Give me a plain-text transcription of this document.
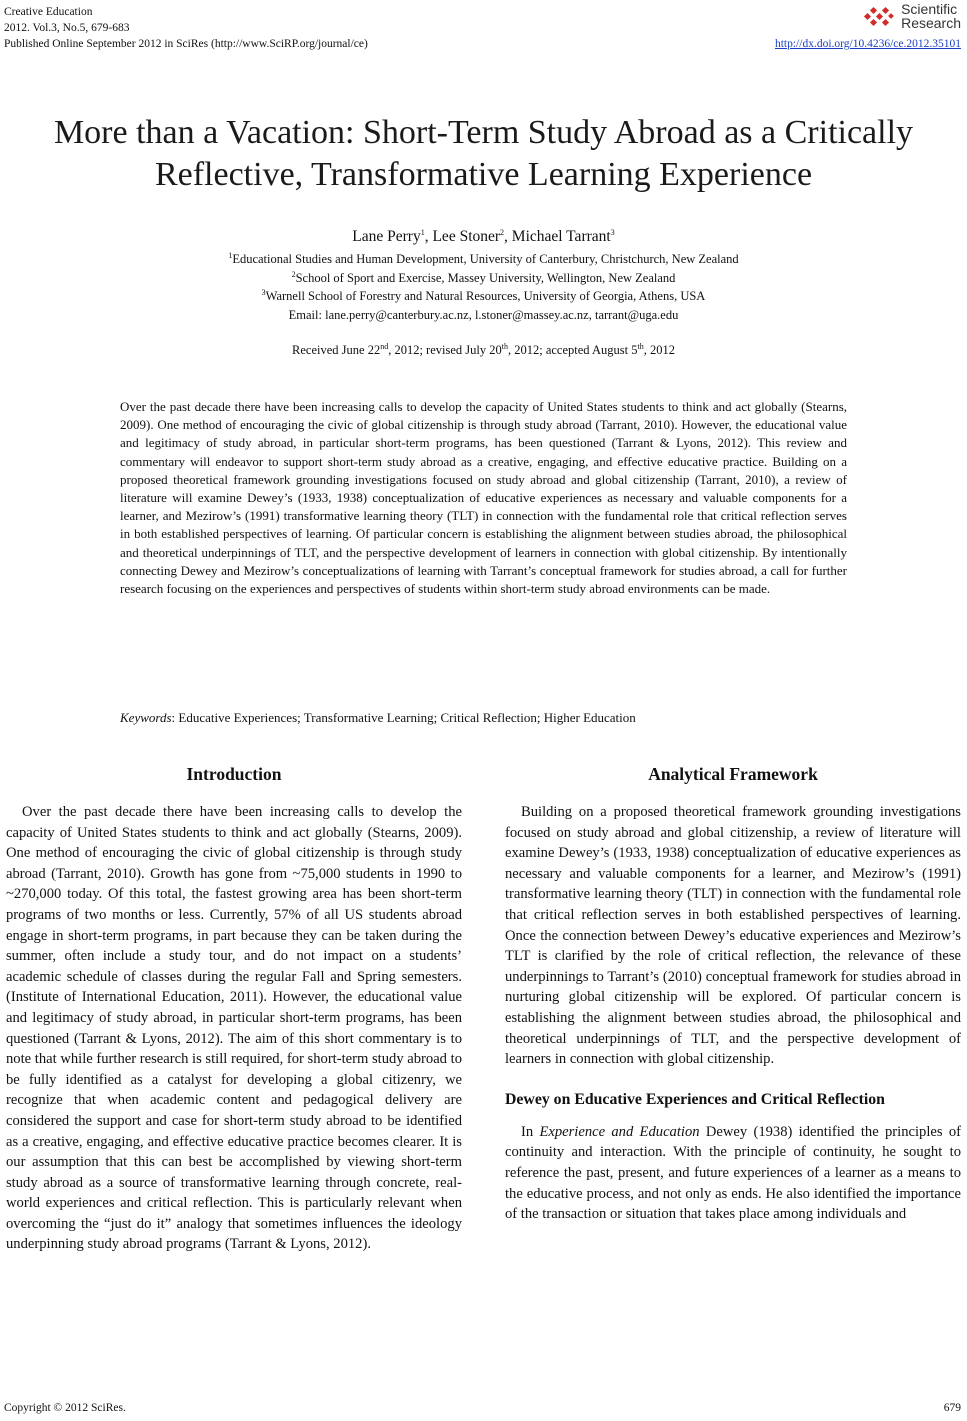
Creative Education
2012. Vol.3, No.5, 679-683
Published Online September 2012 in SciRes (http://www.SciRP.org/journal/ce)
Scientific
Research
http://dx.doi.org/10.4236/ce.2012.35101
More than a Vacation: Short-Term Study Abroad as a Critically Reflective, Transformative Learning Experience
Lane Perry$^1$, Lee Stoner$^2$, Michael Tarrant$^3$
$^1$Educational Studies and Human Development, University of Canterbury, Christchurch, New Zealand
$^2$School of Sport and Exercise, Massey University, Wellington, New Zealand
$^3$Warnell School of Forestry and Natural Resources, University of Georgia, Athens, USA
Email: lane.perry@canterbury.ac.nz, l.stoner@massey.ac.nz, tarrant@uga.edu
Received June 22nd, 2012; revised July 20th, 2012; accepted August 5th, 2012
Over the past decade there have been increasing calls to develop the capacity of United States students to think and act globally (Stearns, 2009). One method of encouraging the civic of global citizenship is through study abroad (Tarrant, 2010). However, the educational value and legitimacy of study abroad, in particular short-term programs, has been questioned (Tarrant & Lyons, 2012). This review and commentary will endeavor to support short-term study abroad as a creative, engaging, and effective educative practice. Building on a proposed theoretical framework grounding investigations focused on study abroad and global citizenship (Tarrant, 2010), a review of literature will examine Dewey’s (1933, 1938) conceptualization of educative experiences as necessary and valuable components for a learner, and Mezirow’s (1991) transformative learning theory (TLT) in connection with the fundamental role that critical reflection serves in both established perspectives of learning. Of particular concern is establishing the alignment between studies abroad, the philosophical and theoretical underpinnings of TLT, and the perspective development of learners in connection with global citizenship. By intentionally connecting Dewey and Mezirow’s conceptualizations of learning with Tarrant’s conceptual framework for studies abroad, a call for further research focusing on the experiences and perspectives of students within short-term study abroad environments can be made.
Keywords: Educative Experiences; Transformative Learning; Critical Reflection; Higher Education
Introduction

Over the past decade there have been increasing calls to develop the capacity of United States students to think and act globally (Stearns, 2009). One method of encouraging the civic of global citizenship is through study abroad (Tarrant, 2010). Growth has gone from ~75,000 students in 1990 to ~270,000 today. Of this total, the fastest growing area has been short-term programs of two months or less. Currently, 57% of all US students abroad engage in short-term programs, in part because they can be taken during the summer, often include a study tour, and do not impact on a students’ academic schedule of classes during the regular Fall and Spring semesters. (Institute of International Education, 2011). However, the educational value and legitimacy of study abroad, in particular short-term programs, has been questioned (Tarrant & Lyons, 2012). The aim of this short commentary is to note that while further research is still required, for short-term study abroad to be fully identified as a catalyst for developing a global citizenry, we recognize that when academic content and pedagogical delivery are considered the support and case for short-term study abroad to be identified as a creative, engaging, and effective educative practice becomes clearer. It is our assumption that this can best be accomplished by viewing short-term study abroad as a source of transformative learning through concrete, real-world experiences and critical reflection. This is particularly relevant when overcoming the “just do it” analogy that sometimes influences the ideology underpinning study abroad programs (Tarrant & Lyons, 2012).

Analytical Framework

Building on a proposed theoretical framework grounding investigations focused on study abroad and global citizenship, a review of literature will examine Dewey’s (1933, 1938) conceptualization of educative experiences as necessary and valuable components for a learner, and Mezirow’s (1991) transformative learning theory (TLT) in connection with the fundamental role that critical reflection serves in both established perspectives of learning. Once the connection between Dewey’s educative experiences and Mezirow’s TLT is clarified by the role of critical reflection, the relevance of these underpinnings to Tarrant’s (2010) conceptual framework for studies abroad in nurturing global citizenship will be explored. Of particular concern is establishing the alignment between studies abroad, the philosophical and theoretical underpinnings of TLT, and the perspective development of learners in connection with global citizenship.

Dewey on Educative Experiences and Critical Reflection

In Experience and Education Dewey (1938) identified the principles of continuity and interaction. With the principle of continuity, he sought to reference the past, present, and future experiences of a learner as a means to the educative process, and not only as ends. He also identified the importance of the transaction or situation that takes place among individuals and

Copyright © 2012 SciRes.	679
